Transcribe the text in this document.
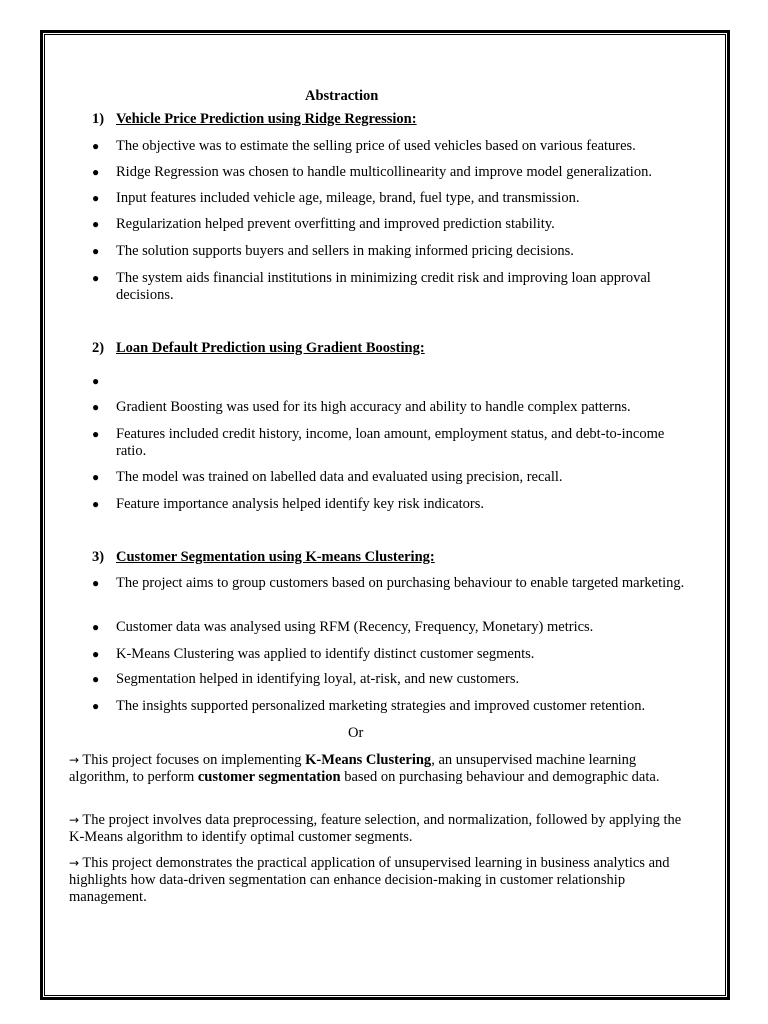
Abstraction
1) Vehicle Price Prediction using Ridge Regression:
● The objective was to estimate the selling price of used vehicles based on various features.
● Ridge Regression was chosen to handle multicollinearity and improve model generalization.
● Input features included vehicle age, mileage, brand, fuel type, and transmission.
● Regularization helped prevent overfitting and improved prediction stability.
● The solution supports buyers and sellers in making informed pricing decisions.
● The system aids financial institutions in minimizing credit risk and improving loan approval decisions.
2) Loan Default Prediction using Gradient Boosting:
●
● Gradient Boosting was used for its high accuracy and ability to handle complex patterns.
● Features included credit history, income, loan amount, employment status, and debt-to-income ratio.
● The model was trained on labelled data and evaluated using precision, recall.
● Feature importance analysis helped identify key risk indicators.
3) Customer Segmentation using K-means Clustering:
● The project aims to group customers based on purchasing behaviour to enable targeted marketing.
● Customer data was analysed using RFM (Recency, Frequency, Monetary) metrics.
● K-Means Clustering was applied to identify distinct customer segments.
● Segmentation helped in identifying loyal, at-risk, and new customers.
● The insights supported personalized marketing strategies and improved customer retention.
Or
→ This project focuses on implementing K-Means Clustering, an unsupervised machine learning algorithm, to perform customer segmentation based on purchasing behaviour and demographic data.
→ The project involves data preprocessing, feature selection, and normalization, followed by applying the K-Means algorithm to identify optimal customer segments.
→ This project demonstrates the practical application of unsupervised learning in business analytics and highlights how data-driven segmentation can enhance decision-making in customer relationship management.
